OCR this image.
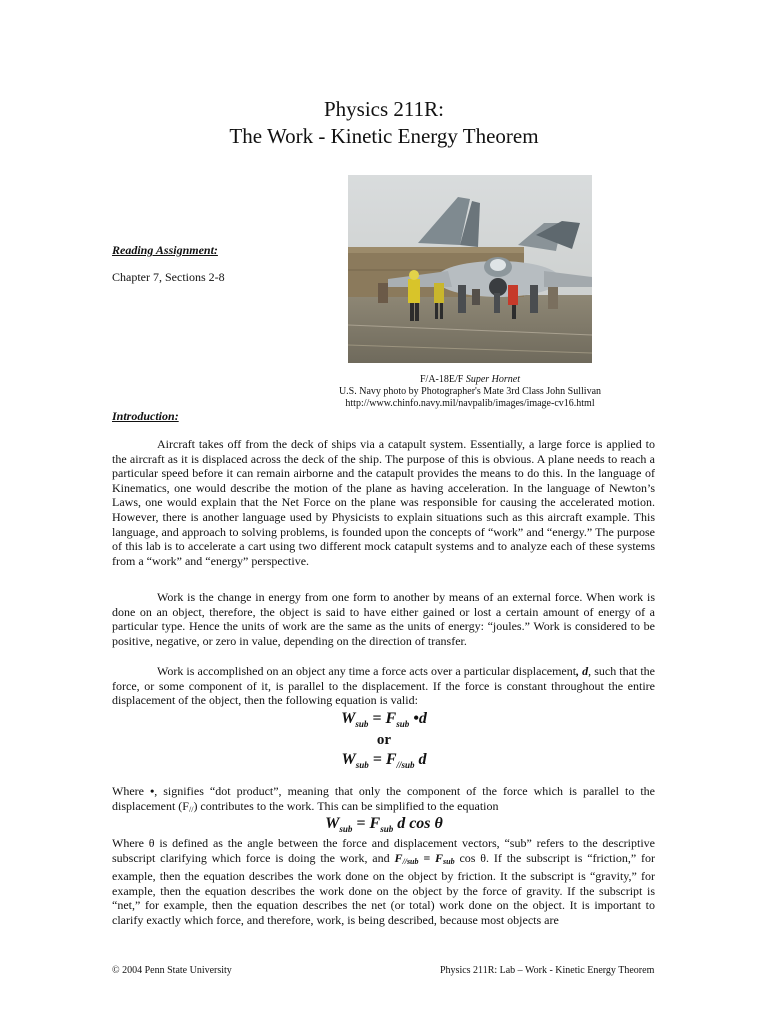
Physics 211R:
The Work - Kinetic Energy Theorem
Reading Assignment:
Chapter 7, Sections 2-8
F/A-18E/F Super Hornet
U.S. Navy photo by Photographer's Mate 3rd Class John Sullivan
http://www.chinfo.navy.mil/navpalib/images/image-cv16.html
Introduction:

Aircraft takes off from the deck of ships via a catapult system. Essentially, a large force is applied to the aircraft as it is displaced across the deck of the ship. The purpose of this is obvious. A plane needs to reach a particular speed before it can remain airborne and the catapult provides the means to do this. In the language of Kinematics, one would describe the motion of the plane as having acceleration. In the language of Newton’s Laws, one would explain that the Net Force on the plane was responsible for causing the accelerated motion. However, there is another language used by Physicists to explain situations such as this aircraft example. This language, and approach to solving problems, is founded upon the concepts of “work” and “energy.” The purpose of this lab is to accelerate a cart using two different mock catapult systems and to analyze each of these systems from a “work” and “energy” perspective.

Work is the change in energy from one form to another by means of an external force. When work is done on an object, therefore, the object is said to have either gained or lost a certain amount of energy of a particular type. Hence the units of work are the same as the units of energy: “joules.” Work is considered to be positive, negative, or zero in value, depending on the direction of transfer.

Work is accomplished on an object any time a force acts over a particular displacement, d, such that the force, or some component of it, is parallel to the displacement. If the force is constant throughout the entire displacement of the object, then the following equation is valid:

$W_{sub} = F_{sub}$ •d
or
$W_{sub} = F_{//sub}$ d

Where •, signifies “dot product”, meaning that only the component of the force which is parallel to the displacement (F//) contributes to the work. This can be simplified to the equation

$W_{sub} = F_{sub}$ d cos θ

Where θ is defined as the angle between the force and displacement vectors, “sub” refers to the descriptive subscript clarifying which force is doing the work, and F//sub = Fsub cos θ. If the subscript is “friction,” for example, then the equation describes the work done on the object by friction. It the subscript is “gravity,” for example, then the equation describes the work done on the object by the force of gravity. If the subscript is “net,” for example, then the equation describes the net (or total) work done on the object. It is important to clarify exactly which force, and therefore, work, is being described, because most objects are

© 2004 Penn State University	Physics 211R: Lab – Work - Kinetic Energy Theorem
